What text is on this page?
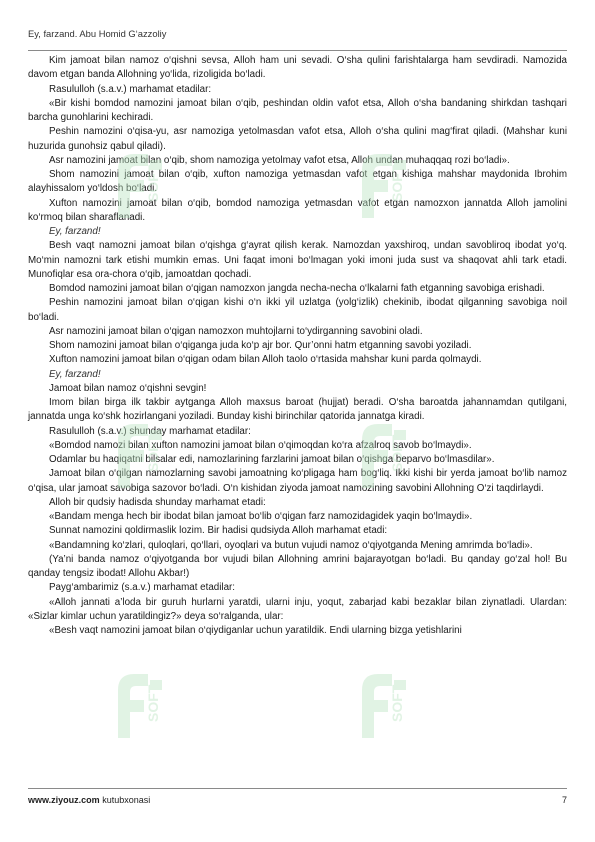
Ey, farzand. Abu Homid G‘azzoliy

Kim jamoat bilan namoz o‘qishni sevsa, Alloh ham uni sevadi. O‘sha qulini farishtalarga ham sevdiradi. Namozida davom etgan banda Allohning yo‘lida, rizoligida bo‘ladi.

Rasululloh (s.a.v.) marhamat etadilar:

«Bir kishi bomdod namozini jamoat bilan o‘qib, peshindan oldin vafot etsa, Alloh o‘sha bandaning shirkdan tashqari barcha gunohlarini kechiradi.

Peshin namozini o‘qisa-yu, asr namoziga yetolmasdan vafot etsa, Alloh o‘sha qulini mag‘firat qiladi. (Mahshar kuni huzurida gunohsiz qabul qiladi).

Asr namozini jamoat bilan o‘qib, shom namoziga yetolmay vafot etsa, Alloh undan muhaqqaq rozi bo‘ladi».

Shom namozini jamoat bilan o‘qib, xufton namoziga yetmasdan vafot etgan kishiga mahshar maydonida Ibrohim alayhissalom yo‘ldosh bo‘ladi.

Xufton namozini jamoat bilan o‘qib, bomdod namoziga yetmasdan vafot etgan namozxon jannatda Alloh jamolini ko‘rmoq bilan sharaflanadi.

Ey, farzand!

Besh vaqt namozni jamoat bilan o‘qishga g‘ayrat qilish kerak. Namozdan yaxshiroq, undan savobliroq ibodat yo‘q. Mo‘min namozni tark etishi mumkin emas. Uni faqat imoni bo‘lmagan yoki imoni juda sust va shaqovat ahli tark etadi. Munofiqlar esa ora-chora o‘qib, jamoatdan qochadi.

Bomdod namozini jamoat bilan o‘qigan namozxon jangda necha-necha o‘lkalarni fath etganning savobiga erishadi.

Peshin namozini jamoat bilan o‘qigan kishi o‘n ikki yil uzlatga (yolg‘izlik) chekinib, ibodat qilganning savobiga noil bo‘ladi.

Asr namozini jamoat bilan o‘qigan namozxon muhtojlarni to‘ydirganning savobini oladi.

Shom namozini jamoat bilan o‘qiganga juda ko‘p ajr bor. Qur’onni hatm etganning savobi yoziladi.

Xufton namozini jamoat bilan o‘qigan odam bilan Alloh taolo o‘rtasida mahshar kuni parda qolmaydi.

Ey, farzand!

Jamoat bilan namoz o‘qishni sevgin!

Imom bilan birga ilk takbir aytganga Alloh maxsus baroat (hujjat) beradi. O‘sha baroatda jahannamdan qutilgani, jannatda unga ko‘shk hozirlangani yoziladi. Bunday kishi birinchilar qatorida jannatga kiradi.

Rasululloh (s.a.v.) shunday marhamat etadilar:

«Bomdod namozi bilan xufton namozini jamoat bilan o‘qimoqdan ko‘ra afzalroq savob bo‘lmaydi».

Odamlar bu haqiqatni bilsalar edi, namozlarining farzlarini jamoat bilan o‘qishga beparvo bo‘lmasdilar».

Jamoat bilan o‘qilgan namozlarning savobi jamoatning ko‘pligaga ham bog‘liq. Ikki kishi bir yerda jamoat bo‘lib namoz o‘qisa, ular jamoat savobiga sazovor bo‘ladi. O‘n kishidan ziyoda jamoat namozining savobini Allohning O‘zi taqdirlaydi.

Alloh bir qudsiy hadisda shunday marhamat etadi:

«Bandam menga hech bir ibodat bilan jamoat bo‘lib o‘qigan farz namozidagidek yaqin bo‘lmaydi».

Sunnat namozini qoldirmaslik lozim. Bir hadisi qudsiyda Alloh marhamat etadi:

«Bandamning ko‘zlari, quloqlari, qo‘llari, oyoqlari va butun vujudi namoz o‘qiyotganda Mening amrimda bo‘ladi».

(Ya’ni banda namoz o‘qiyotganda bor vujudi bilan Allohning amrini bajarayotgan bo‘ladi. Bu qanday go‘zal hol! Bu qanday tengsiz ibodat! Allohu Akbar!)

Payg‘ambarimiz (s.a.v.) marhamat etadilar:

«Alloh jannati a’loda bir guruh hurlarni yaratdi, ularni inju, yoqut, zabarjad kabi bezaklar bilan ziynatladi. Ulardan: «Sizlar kimlar uchun yaratildingiz?» deya so‘ralganda, ular:

«Besh vaqt namozini jamoat bilan o‘qiydiganlar uchun yaratildik. Endi ularning bizga yetishlarini

www.ziyouz.com kutubxonasi	7
SOFT	SOFT
SOFT	SOFT
SOFT	SOFT
